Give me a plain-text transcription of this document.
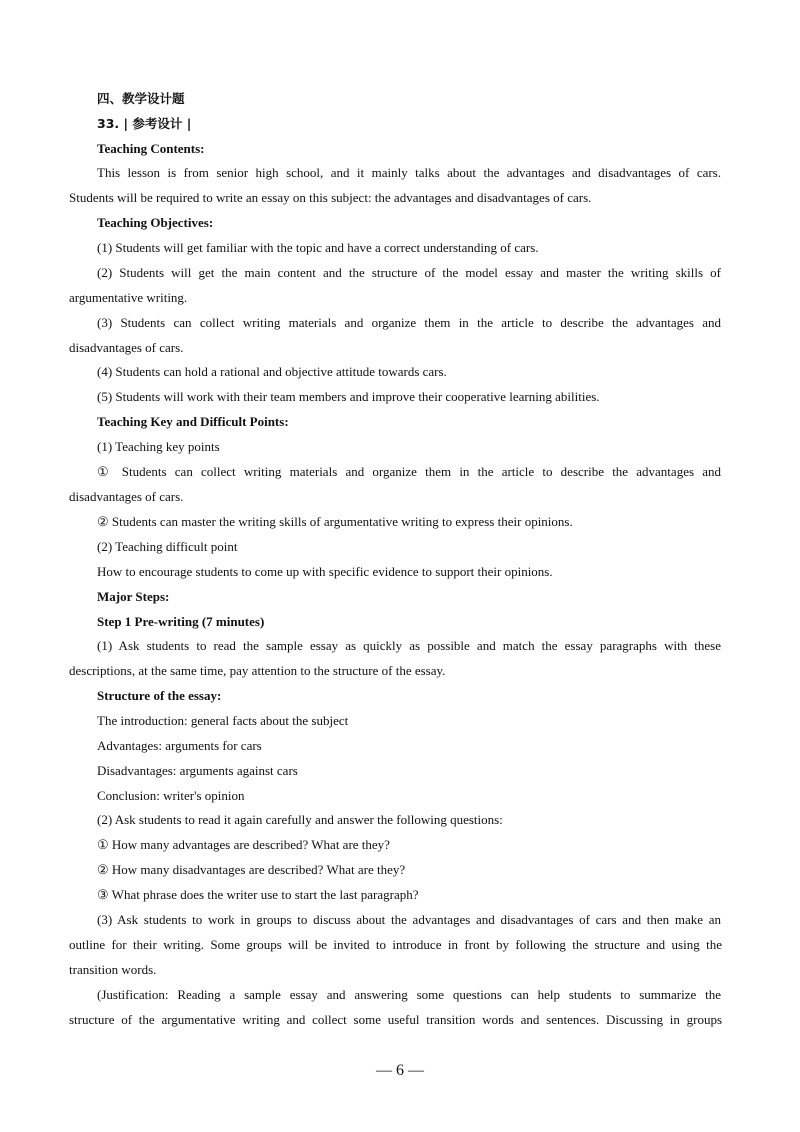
四、教学设计题

33. | 参考设计 |

Teaching Contents:

This lesson is from senior high school, and it mainly talks about the advantages and disadvantages of cars.

Students will be required to write an essay on this subject: the advantages and disadvantages of cars.

Teaching Objectives:

(1) Students will get familiar with the topic and have a correct understanding of cars.

(2) Students will get the main content and the structure of the model essay and master the writing skills of

argumentative writing.

(3) Students can collect writing materials and organize them in the article to describe the advantages and

disadvantages of cars.

(4) Students can hold a rational and objective attitude towards cars.

(5) Students will work with their team members and improve their cooperative learning abilities.

Teaching Key and Difficult Points:

(1) Teaching key points

① Students can collect writing materials and organize them in the article to describe the advantages and

disadvantages of cars.

② Students can master the writing skills of argumentative writing to express their opinions.

(2) Teaching difficult point

How to encourage students to come up with specific evidence to support their opinions.

Major Steps:

Step 1 Pre-writing (7 minutes)

(1) Ask students to read the sample essay as quickly as possible and match the essay paragraphs with these

descriptions, at the same time, pay attention to the structure of the essay.

Structure of the essay:

The introduction: general facts about the subject

Advantages: arguments for cars

Disadvantages: arguments against cars

Conclusion: writer's opinion

(2) Ask students to read it again carefully and answer the following questions:

① How many advantages are described? What are they?

② How many disadvantages are described? What are they?

③ What phrase does the writer use to start the last paragraph?

(3) Ask students to work in groups to discuss about the advantages and disadvantages of cars and then make an

outline for their writing. Some groups will be invited to introduce in front by following the structure and using the

transition words.

(Justification: Reading a sample essay and answering some questions can help students to summarize the

structure of the argumentative writing and collect some useful transition words and sentences. Discussing in groups

— 6 —
